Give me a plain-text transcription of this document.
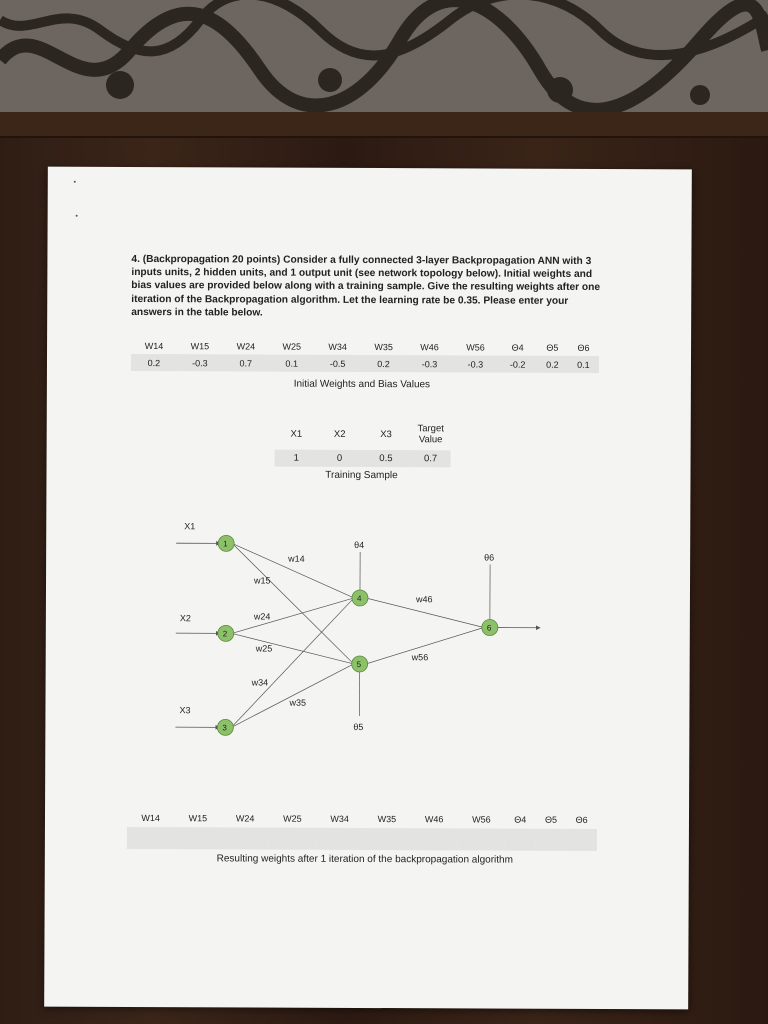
4. (Backpropagation 20 points) Consider a fully connected 3-layer Backpropagation ANN with 3 inputs units, 2 hidden units, and 1 output unit (see network topology below). Initial weights and bias values are provided below along with a training sample. Give the resulting weights after one iteration of the Backpropagation algorithm. Let the learning rate be 0.35. Please enter your answers in the table below.

W14	W15	W24	W25	W34	W35	W46	W56	Θ4	Θ5	Θ6
0.2	-0.3	0.7	0.1	-0.5	0.2	-0.3	-0.3	-0.2	0.2	0.1
Initial Weights and Bias Values
X1	X2	X3	Target Value
1	0	0.5	0.7
Training Sample
X1
X2
X3
w14
w15
w24
w25
w34
w35
w46
w56
θ4
θ5
θ6
1
2
3
4
5
6
W14	W15	W24	W25	W34	W35	W46	W56	Θ4	Θ5	Θ6

Resulting weights after 1 iteration of the backpropagation algorithm
